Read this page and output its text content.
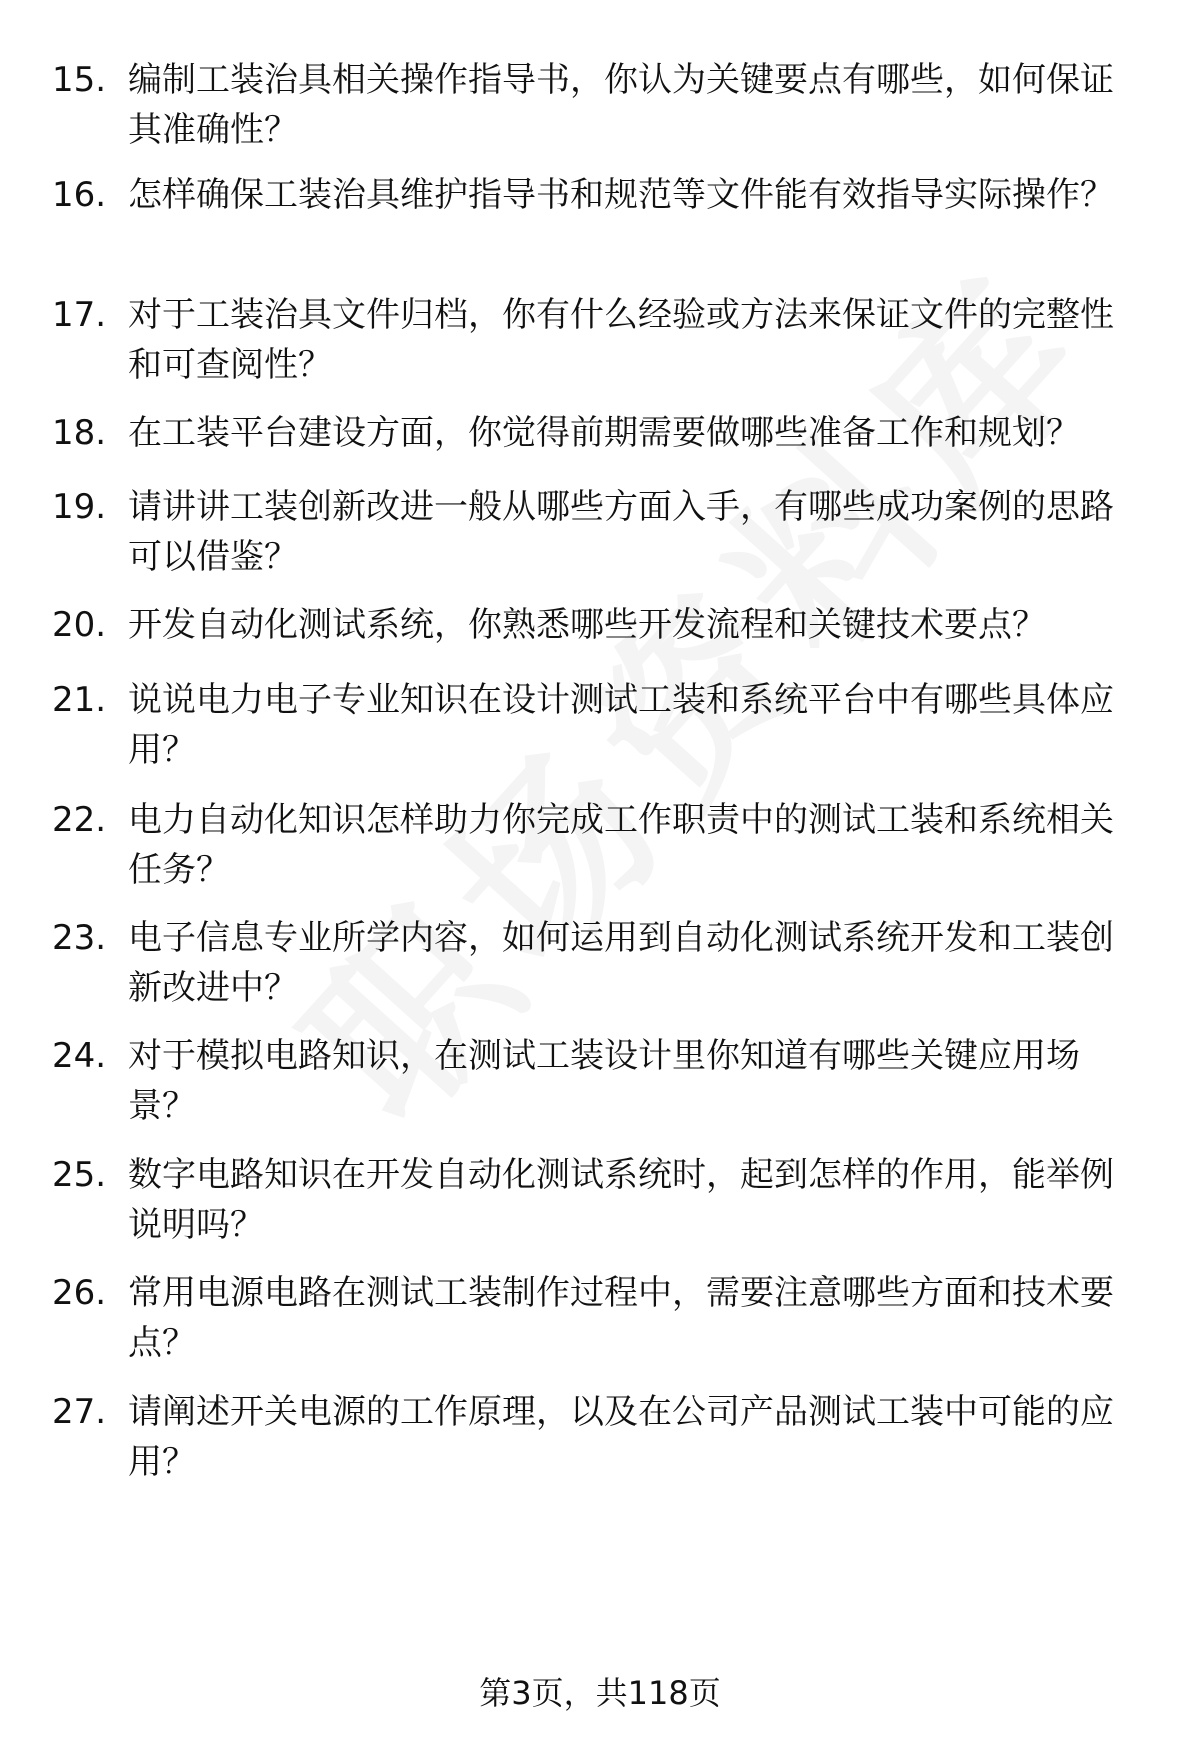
15. 编制工装治具相关操作指导书，你认为关键要点有哪些，如何保证其准确性？
16. 怎样确保工装治具维护指导书和规范等文件能有效指导实际操作？
17. 对于工装治具文件归档，你有什么经验或方法来保证文件的完整性和可查阅性？
18. 在工装平台建设方面，你觉得前期需要做哪些准备工作和规划？
19. 请讲讲工装创新改进一般从哪些方面入手，有哪些成功案例的思路可以借鉴？
20. 开发自动化测试系统，你熟悉哪些开发流程和关键技术要点？
21. 说说电力电子专业知识在设计测试工装和系统平台中有哪些具体应用？
22. 电力自动化知识怎样助力你完成工作职责中的测试工装和系统相关任务？
23. 电子信息专业所学内容，如何运用到自动化测试系统开发和工装创新改进中？
24. 对于模拟电路知识，在测试工装设计里你知道有哪些关键应用场景？
25. 数字电路知识在开发自动化测试系统时，起到怎样的作用，能举例说明吗？
26. 常用电源电路在测试工装制作过程中，需要注意哪些方面和技术要点？
27. 请阐述开关电源的工作原理，以及在公司产品测试工装中可能的应用？
第3页，共118页
